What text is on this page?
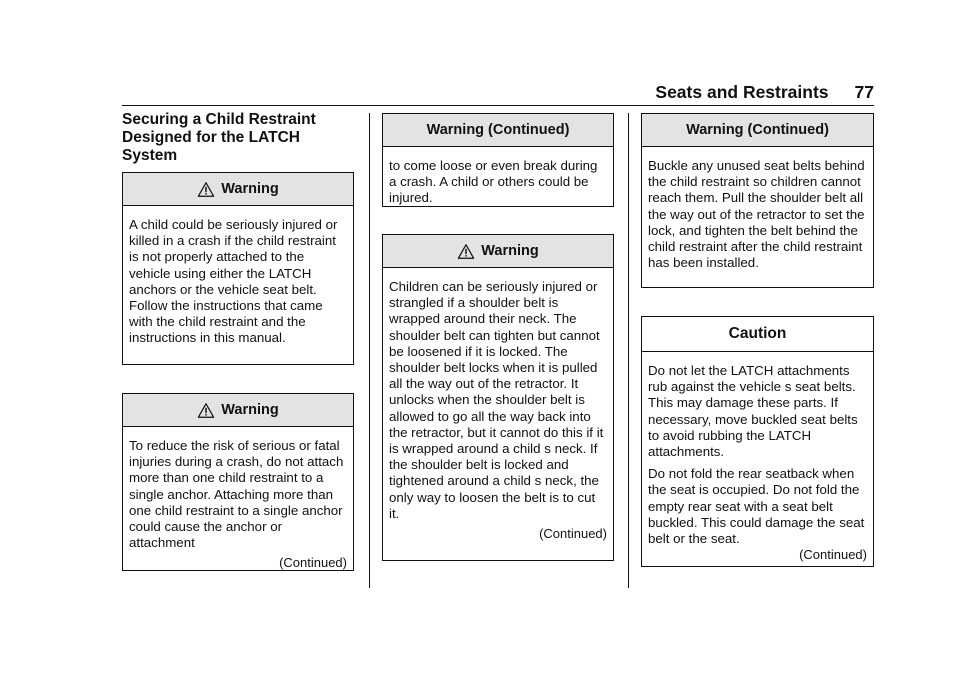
Seats and Restraints 77
Securing a Child Restraint Designed for the LATCH System
Warning
A child could be seriously injured or killed in a crash if the child restraint is not properly attached to the vehicle using either the LATCH anchors or the vehicle seat belt. Follow the instructions that came with the child restraint and the instructions in this manual.
Warning
To reduce the risk of serious or fatal injuries during a crash, do not attach more than one child restraint to a single anchor. Attaching more than one child restraint to a single anchor could cause the anchor or attachment
(Continued)
Warning (Continued)
to come loose or even break during a crash. A child or others could be injured.
Warning
Children can be seriously injured or strangled if a shoulder belt is wrapped around their neck. The shoulder belt can tighten but cannot be loosened if it is locked. The shoulder belt locks when it is pulled all the way out of the retractor. It unlocks when the shoulder belt is allowed to go all the way back into the retractor, but it cannot do this if it is wrapped around a child s neck. If the shoulder belt is locked and tightened around a child s neck, the only way to loosen the belt is to cut it.
(Continued)
Warning (Continued)
Buckle any unused seat belts behind the child restraint so children cannot reach them. Pull the shoulder belt all the way out of the retractor to set the lock, and tighten the belt behind the child restraint after the child restraint has been installed.
Caution

Do not let the LATCH attachments rub against the vehicle s seat belts. This may damage these parts. If necessary, move buckled seat belts to avoid rubbing the LATCH attachments.

Do not fold the rear seatback when the seat is occupied. Do not fold the empty rear seat with a seat belt buckled. This could damage the seat belt or the seat.

(Continued)
